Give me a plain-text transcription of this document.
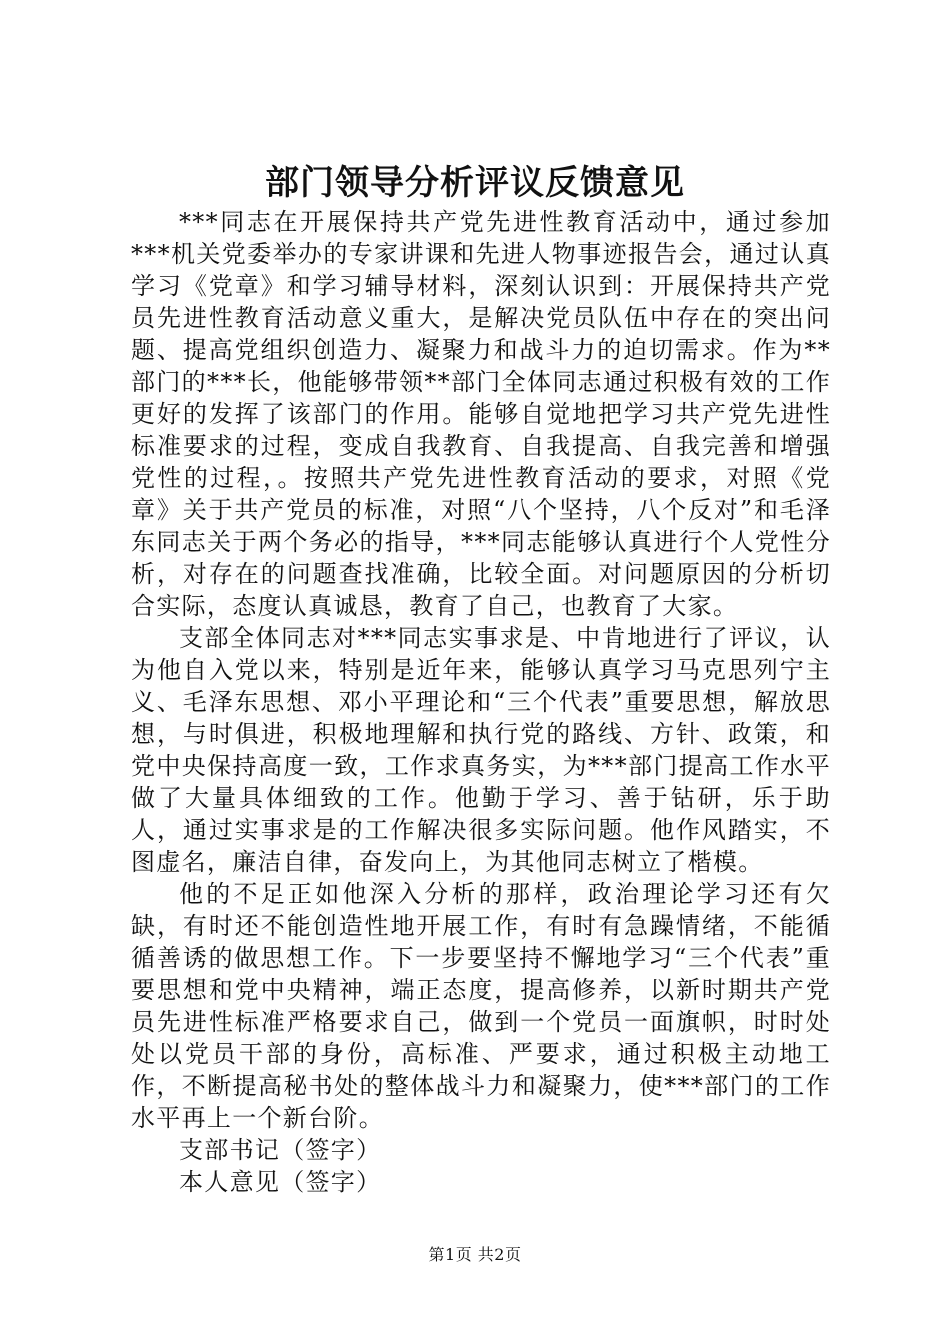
部门领导分析评议反馈意见

***同志在开展保持共产党先进性教育活动中，通过参加***机关党委举办的专家讲课和先进人物事迹报告会，通过认真学习《党章》和学习辅导材料，深刻认识到：开展保持共产党员先进性教育活动意义重大，是解决党员队伍中存在的突出问题、提高党组织创造力、凝聚力和战斗力的迫切需求。作为**部门的***长，他能够带领**部门全体同志通过积极有效的工作更好的发挥了该部门的作用。能够自觉地把学习共产党先进性标准要求的过程，变成自我教育、自我提高、自我完善和增强党性的过程，。按照共产党先进性教育活动的要求，对照《党章》关于共产党员的标准，对照“八个坚持，八个反对”和毛泽东同志关于两个务必的指导，***同志能够认真进行个人党性分析，对存在的问题查找准确，比较全面。对问题原因的分析切合实际，态度认真诚恳，教育了自己，也教育了大家。

支部全体同志对***同志实事求是、中肯地进行了评议，认为他自入党以来，特别是近年来，能够认真学习马克思列宁主义、毛泽东思想、邓小平理论和“三个代表”重要思想，解放思想，与时俱进，积极地理解和执行党的路线、方针、政策，和党中央保持高度一致，工作求真务实，为***部门提高工作水平做了大量具体细致的工作。他勤于学习、善于钻研，乐于助人，通过实事求是的工作解决很多实际问题。他作风踏实，不图虚名，廉洁自律，奋发向上，为其他同志树立了楷模。

他的不足正如他深入分析的那样，政治理论学习还有欠缺，有时还不能创造性地开展工作，有时有急躁情绪，不能循循善诱的做思想工作。下一步要坚持不懈地学习“三个代表”重要思想和党中央精神，端正态度，提高修养，以新时期共产党员先进性标准严格要求自己，做到一个党员一面旗帜，时时处处以党员干部的身份，高标准、严要求，通过积极主动地工作，不断提高秘书处的整体战斗力和凝聚力，使***部门的工作水平再上一个新台阶。

支部书记（签字）

本人意见（签字）

第1页 共2页
